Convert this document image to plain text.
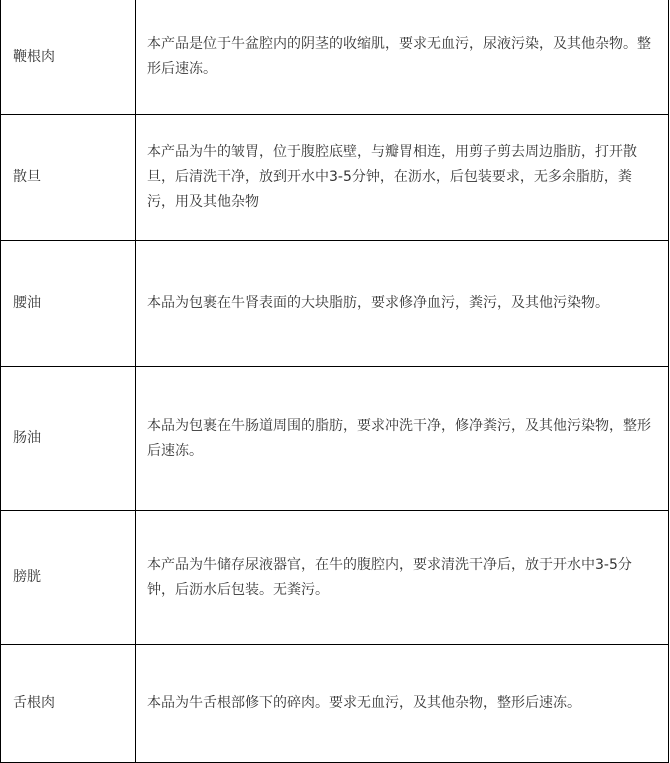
鞭根肉	本产品是位于牛盆腔内的阴茎的收缩肌，要求无血污，尿液污染，及其他杂物。整形后速冻。
散旦	本产品为牛的皱胃，位于腹腔底壁，与瓣胃相连，用剪子剪去周边脂肪，打开散旦，后清洗干净，放到开水中3-5分钟，在沥水，后包装要求，无多余脂肪，粪污，用及其他杂物
腰油	本品为包裹在牛肾表面的大块脂肪，要求修净血污，粪污，及其他污染物。
肠油	本品为包裹在牛肠道周围的脂肪，要求冲洗干净，修净粪污，及其他污染物，整形后速冻。
膀胱	本产品为牛储存尿液器官，在牛的腹腔内，要求清洗干净后，放于开水中3-5分钟，后沥水后包装。无粪污。
舌根肉	本品为牛舌根部修下的碎肉。要求无血污，及其他杂物，整形后速冻。
